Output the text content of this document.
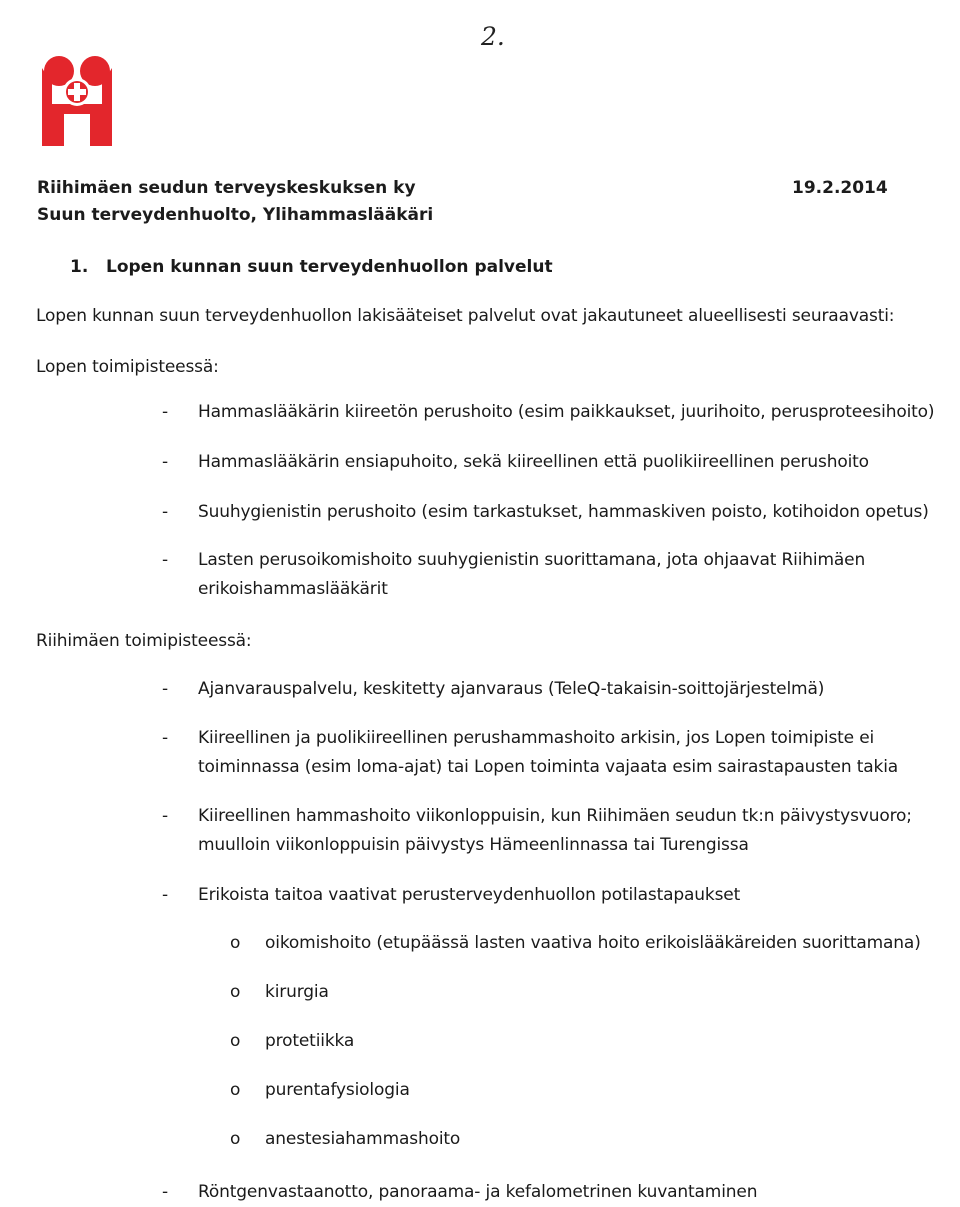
2.
Riihimäen seudun terveyskeskuksen ky
Suun terveydenhuolto, Ylihammaslääkäri
19.2.2014
1. Lopen kunnan suun terveydenhuollon palvelut
Lopen kunnan suun terveydenhuollon lakisääteiset palvelut ovat jakautuneet alueellisesti seuraavasti:
Lopen toimipisteessä:
- Hammaslääkärin kiireetön perushoito (esim paikkaukset, juurihoito, perusproteesihoito)
- Hammaslääkärin ensiapuhoito, sekä kiireellinen että puolikiireellinen perushoito
- Suuhygienistin perushoito (esim tarkastukset, hammaskiven poisto, kotihoidon opetus)
- Lasten perusoikomishoito suuhygienistin suorittamana, jota ohjaavat Riihimäen erikoishammaslääkärit
Riihimäen toimipisteessä:
- Ajanvarauspalvelu, keskitetty ajanvaraus (TeleQ-takaisin-soittojärjestelmä)
- Kiireellinen ja puolikiireellinen perushammashoito arkisin, jos Lopen toimipiste ei toiminnassa (esim loma-ajat) tai Lopen toiminta vajaata esim sairastapausten takia
- Kiireellinen hammashoito viikonloppuisin, kun Riihimäen seudun tk:n päivystysvuoro; muulloin viikonloppuisin päivystys Hämeenlinnassa tai Turengissa
- Erikoista taitoa vaativat perusterveydenhuollon potilastapaukset
o oikomishoito (etupäässä lasten vaativa hoito erikoislääkäreiden suorittamana)
o kirurgia
o protetiikka
o purentafysiologia
o anestesiahammashoito
- Röntgenvastaanotto, panoraama- ja kefalometrinen kuvantaminen
